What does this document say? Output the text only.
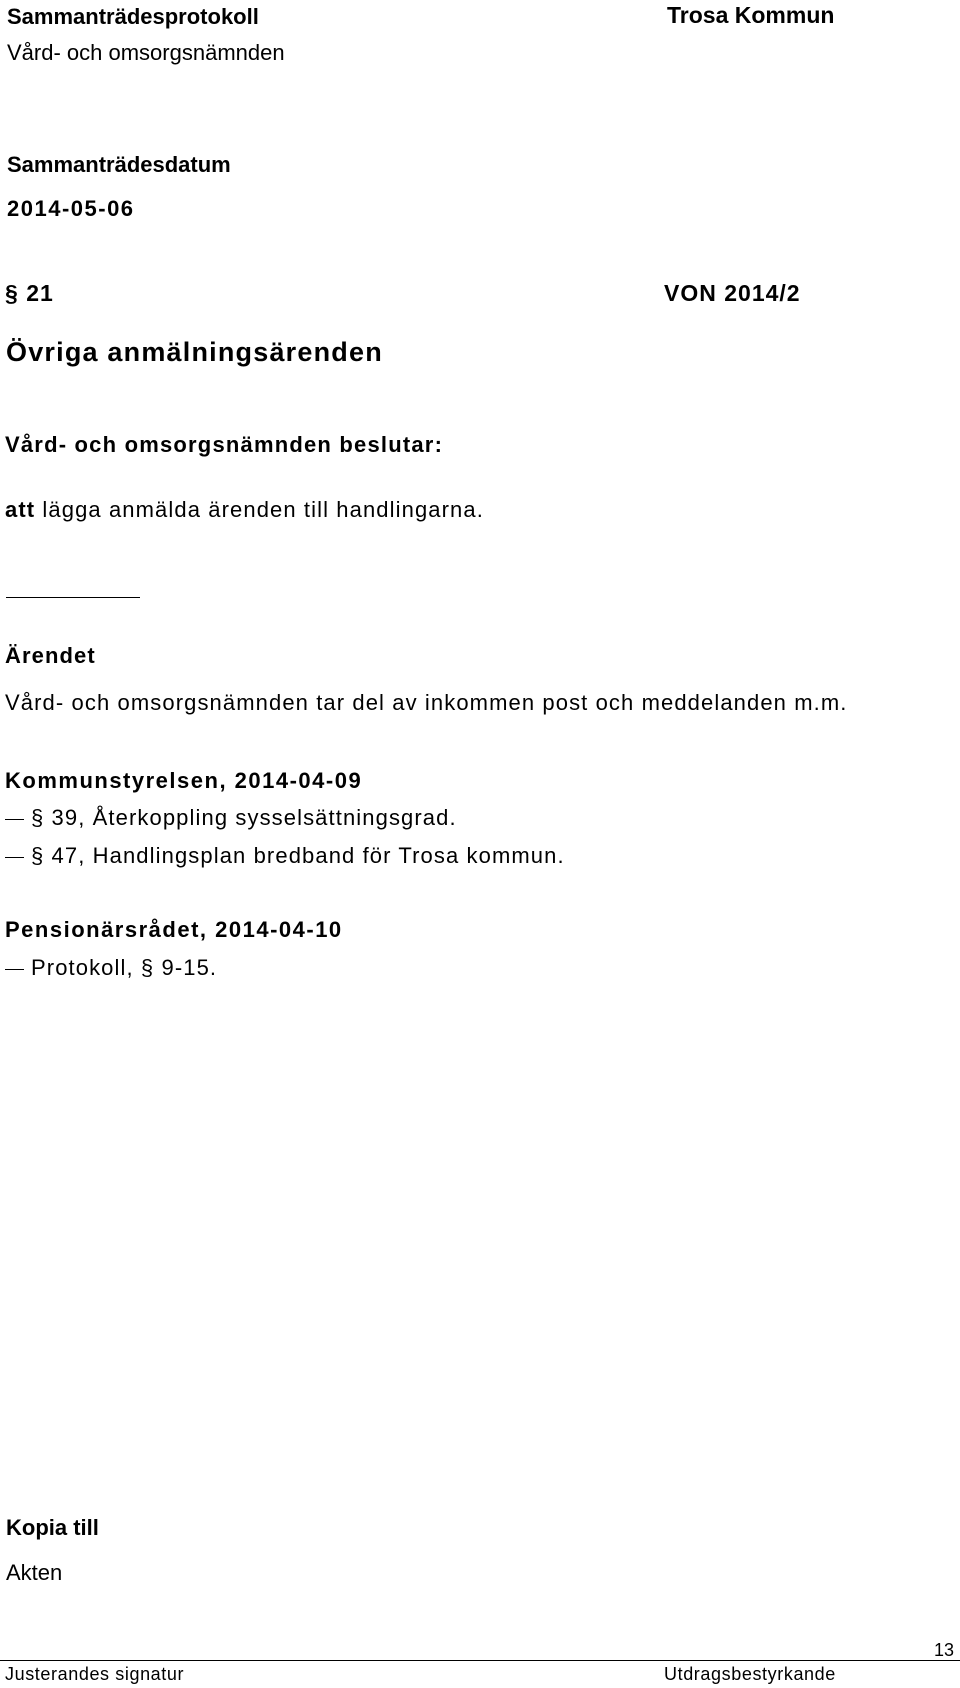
Sammanträdesprotokoll
Vård- och omsorgsnämnden
Trosa Kommun
Sammanträdesdatum
2014-05-06
§ 21	VON 2014/2
Övriga anmälningsärenden
Vård- och omsorgsnämnden beslutar:
att lägga anmälda ärenden till handlingarna.
Ärendet
Vård- och omsorgsnämnden tar del av inkommen post och meddelanden m.m.
Kommunstyrelsen, 2014-04-09
§ 39, Återkoppling sysselsättningsgrad.
§ 47, Handlingsplan bredband för Trosa kommun.
Pensionärsrådet, 2014-04-10
Protokoll, § 9-15.
Kopia till
Akten
13
Justerandes signatur	Utdragsbestyrkande
